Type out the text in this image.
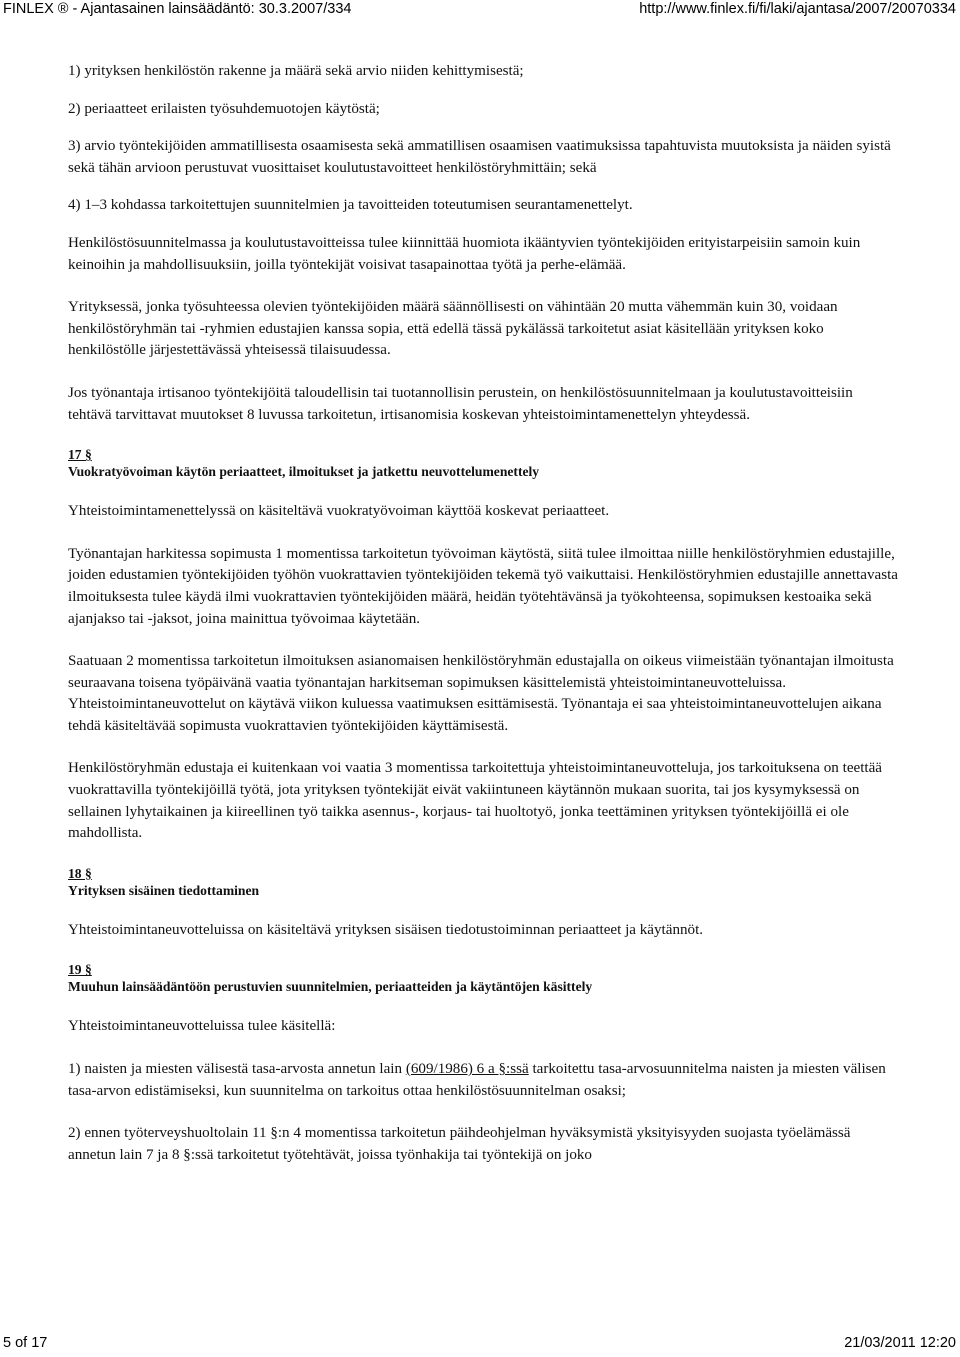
FINLEX ® - Ajantasainen lainsäädäntö: 30.3.2007/334	http://www.finlex.fi/fi/laki/ajantasa/2007/20070334

1) yrityksen henkilöstön rakenne ja määrä sekä arvio niiden kehittymisestä;

2) periaatteet erilaisten työsuhdemuotojen käytöstä;

3) arvio työntekijöiden ammatillisesta osaamisesta sekä ammatillisen osaamisen vaatimuksissa tapahtuvista muutoksista ja näiden syistä sekä tähän arvioon perustuvat vuosittaiset koulutustavoitteet henkilöstöryhmittäin; sekä

4) 1–3 kohdassa tarkoitettujen suunnitelmien ja tavoitteiden toteutumisen seurantamenettelyt.

Henkilöstösuunnitelmassa ja koulutustavoitteissa tulee kiinnittää huomiota ikääntyvien työntekijöiden erityistarpeisiin samoin kuin keinoihin ja mahdollisuuksiin, joilla työntekijät voisivat tasapainottaa työtä ja perhe-elämää.

Yrityksessä, jonka työsuhteessa olevien työntekijöiden määrä säännöllisesti on vähintään 20 mutta vähemmän kuin 30, voidaan henkilöstöryhmän tai -ryhmien edustajien kanssa sopia, että edellä tässä pykälässä tarkoitetut asiat käsitellään yrityksen koko henkilöstölle järjestettävässä yhteisessä tilaisuudessa.

Jos työnantaja irtisanoo työntekijöitä taloudellisin tai tuotannollisin perustein, on henkilöstösuunnitelmaan ja koulutustavoitteisiin tehtävä tarvittavat muutokset 8 luvussa tarkoitetun, irtisanomisia koskevan yhteistoimintamenettelyn yhteydessä.

17 §
Vuokratyövoiman käytön periaatteet, ilmoitukset ja jatkettu neuvottelumenettely

Yhteistoimintamenettelyssä on käsiteltävä vuokratyövoiman käyttöä koskevat periaatteet.

Työnantajan harkitessa sopimusta 1 momentissa tarkoitetun työvoiman käytöstä, siitä tulee ilmoittaa niille henkilöstöryhmien edustajille, joiden edustamien työntekijöiden työhön vuokrattavien työntekijöiden tekemä työ vaikuttaisi. Henkilöstöryhmien edustajille annettavasta ilmoituksesta tulee käydä ilmi vuokrattavien työntekijöiden määrä, heidän työtehtävänsä ja työkohteensa, sopimuksen kestoaika sekä ajanjakso tai -jaksot, joina mainittua työvoimaa käytetään.

Saatuaan 2 momentissa tarkoitetun ilmoituksen asianomaisen henkilöstöryhmän edustajalla on oikeus viimeistään työnantajan ilmoitusta seuraavana toisena työpäivänä vaatia työnantajan harkitseman sopimuksen käsittelemistä yhteistoimintaneuvotteluissa. Yhteistoimintaneuvottelut on käytävä viikon kuluessa vaatimuksen esittämisestä. Työnantaja ei saa yhteistoimintaneuvottelujen aikana tehdä käsiteltävää sopimusta vuokrattavien työntekijöiden käyttämisestä.

Henkilöstöryhmän edustaja ei kuitenkaan voi vaatia 3 momentissa tarkoitettuja yhteistoimintaneuvotteluja, jos tarkoituksena on teettää vuokrattavilla työntekijöillä työtä, jota yrityksen työntekijät eivät vakiintuneen käytännön mukaan suorita, tai jos kysymyksessä on sellainen lyhytaikainen ja kiireellinen työ taikka asennus-, korjaus- tai huoltotyö, jonka teettäminen yrityksen työntekijöillä ei ole mahdollista.

18 §
Yrityksen sisäinen tiedottaminen

Yhteistoimintaneuvotteluissa on käsiteltävä yrityksen sisäisen tiedotustoiminnan periaatteet ja käytännöt.

19 §
Muuhun lainsäädäntöön perustuvien suunnitelmien, periaatteiden ja käytäntöjen käsittely

Yhteistoimintaneuvotteluissa tulee käsitellä:

1) naisten ja miesten välisestä tasa-arvosta annetun lain (609/1986) 6 a §:ssä tarkoitettu tasa-arvosuunnitelma naisten ja miesten välisen tasa-arvon edistämiseksi, kun suunnitelma on tarkoitus ottaa henkilöstösuunnitelman osaksi;

2) ennen työterveyshuoltolain 11 §:n 4 momentissa tarkoitetun päihdeohjelman hyväksymistä yksityisyyden suojasta työelämässä annetun lain 7 ja 8 §:ssä tarkoitetut työtehtävät, joissa työnhakija tai työntekijä on joko

5 of 17	21/03/2011 12:20
